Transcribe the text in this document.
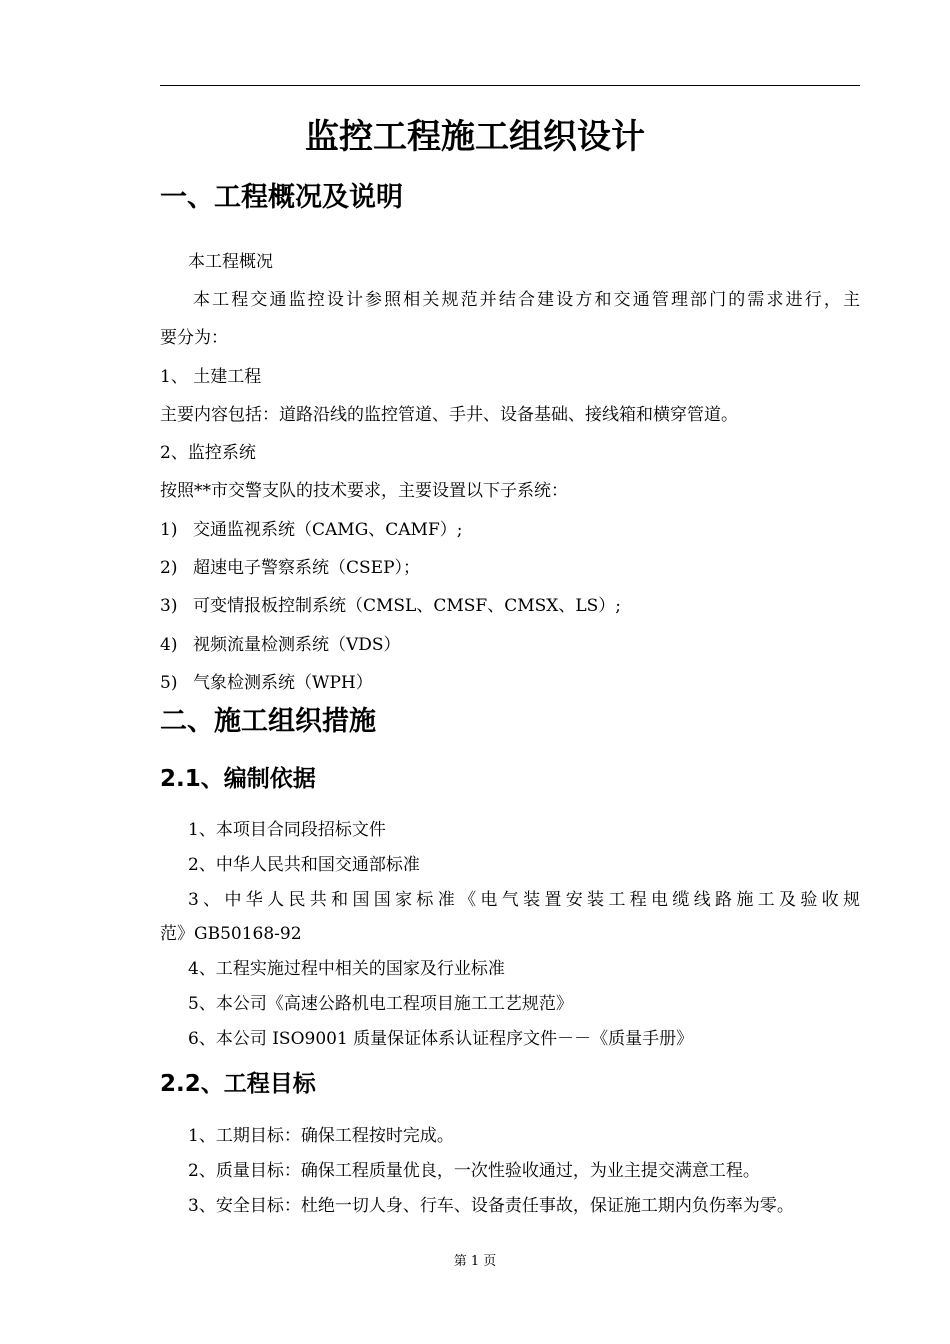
监控工程施工组织设计
一、工程概况及说明
本工程概况
本工程交通监控设计参照相关规范并结合建设方和交通管理部门的需求进行，主
要分为：
1、 土建工程
主要内容包括：道路沿线的监控管道、手井、设备基础、接线箱和横穿管道。
2、监控系统
按照**市交警支队的技术要求，主要设置以下子系统：
1) 交通监视系统（CAMG、CAMF）;
2) 超速电子警察系统（CSEP）；
3) 可变情报板控制系统（CMSL、CMSF、CMSX、LS）;
4) 视频流量检测系统（VDS）
5) 气象检测系统（WPH）
二、施工组织措施
2.1、编制依据
1、本项目合同段招标文件
2、中华人民共和国交通部标准
3、中华人民共和国国家标准《电气装置安装工程电缆线路施工及验收规
范》GB50168-92
4、工程实施过程中相关的国家及行业标准
5、本公司《高速公路机电工程项目施工工艺规范》
6、本公司 ISO9001 质量保证体系认证程序文件－－《质量手册》
2.2、工程目标
1、工期目标：确保工程按时完成。
2、质量目标：确保工程质量优良，一次性验收通过，为业主提交满意工程。
3、安全目标：杜绝一切人身、行车、设备责任事故，保证施工期内负伤率为零。
第 1 页
